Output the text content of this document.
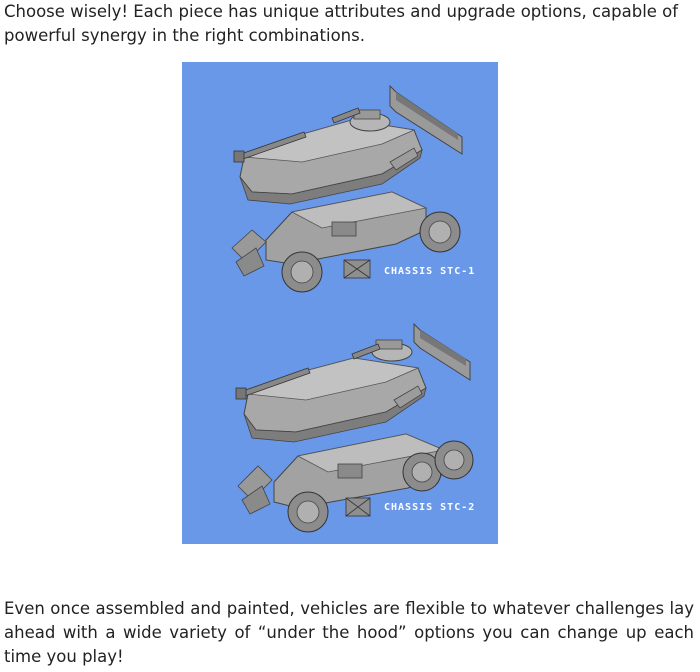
Choose wisely! Each piece has unique attributes and upgrade options, capable of powerful synergy in the right combinations.

CHASSIS STC-1
CHASSIS STC-2

Even once assembled and painted, vehicles are flexible to whatever challenges lay ahead with a wide variety of “under the hood” options you can change up each time you play!
